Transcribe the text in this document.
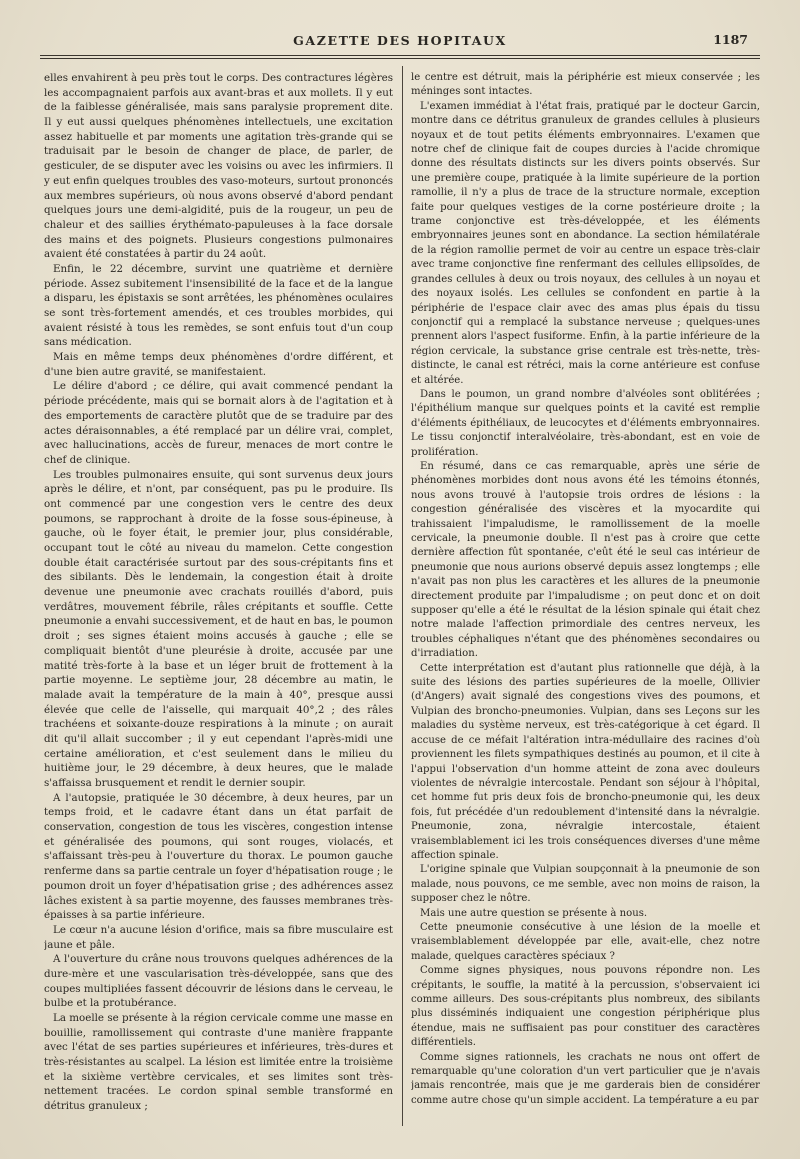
GAZETTE DES HOPITAUX	1187

elles envahirent à peu près tout le corps. Des contractures légères les accompagnaient parfois aux avant-bras et aux mollets. Il y eut de la faiblesse généralisée, mais sans paralysie proprement dite. Il y eut aussi quelques phénomènes intellectuels, une excitation assez habituelle et par moments une agitation très-grande qui se traduisait par le besoin de changer de place, de parler, de gesticuler, de se disputer avec les voisins ou avec les infirmiers. Il y eut enfin quelques troubles des vaso-moteurs, surtout prononcés aux membres supérieurs, où nous avons observé d'abord pendant quelques jours une demi-algidité, puis de la rougeur, un peu de chaleur et des saillies érythémato-papuleuses à la face dorsale des mains et des poignets. Plusieurs congestions pulmonaires avaient été constatées à partir du 24 août.

Enfin, le 22 décembre, survint une quatrième et dernière période. Assez subitement l'insensibilité de la face et de la langue a disparu, les épistaxis se sont arrêtées, les phénomènes oculaires se sont très-fortement amendés, et ces troubles morbides, qui avaient résisté à tous les remèdes, se sont enfuis tout d'un coup sans médication.

Mais en même temps deux phénomènes d'ordre différent, et d'une bien autre gravité, se manifestaient.

Le délire d'abord ; ce délire, qui avait commencé pendant la période précédente, mais qui se bornait alors à de l'agitation et à des emportements de caractère plutôt que de se traduire par des actes déraisonnables, a été remplacé par un délire vrai, complet, avec hallucinations, accès de fureur, menaces de mort contre le chef de clinique.

Les troubles pulmonaires ensuite, qui sont survenus deux jours après le délire, et n'ont, par conséquent, pas pu le produire. Ils ont commencé par une congestion vers le centre des deux poumons, se rapprochant à droite de la fosse sous-épineuse, à gauche, où le foyer était, le premier jour, plus considérable, occupant tout le côté au niveau du mamelon. Cette congestion double était caractérisée surtout par des sous-crépitants fins et des sibilants. Dès le lendemain, la congestion était à droite devenue une pneumonie avec crachats rouillés d'abord, puis verdâtres, mouvement fébrile, râles crépitants et souffle. Cette pneumonie a envahi successivement, et de haut en bas, le poumon droit ; ses signes étaient moins accusés à gauche ; elle se compliquait bientôt d'une pleurésie à droite, accusée par une matité très-forte à la base et un léger bruit de frottement à la partie moyenne. Le septième jour, 28 décembre au matin, le malade avait la température de la main à 40°, presque aussi élevée que celle de l'aisselle, qui marquait 40°,2 ; des râles trachéens et soixante-douze respirations à la minute ; on aurait dit qu'il allait succomber ; il y eut cependant l'après-midi une certaine amélioration, et c'est seulement dans le milieu du huitième jour, le 29 décembre, à deux heures, que le malade s'affaissa brusquement et rendit le dernier soupir.

A l'autopsie, pratiquée le 30 décembre, à deux heures, par un temps froid, et le cadavre étant dans un état parfait de conservation, congestion de tous les viscères, congestion intense et généralisée des poumons, qui sont rouges, violacés, et s'affaissant très-peu à l'ouverture du thorax. Le poumon gauche renferme dans sa partie centrale un foyer d'hépatisation rouge ; le poumon droit un foyer d'hépatisation grise ; des adhérences assez lâches existent à sa partie moyenne, des fausses membranes très-épaisses à sa partie inférieure.

Le cœur n'a aucune lésion d'orifice, mais sa fibre musculaire est jaune et pâle.

A l'ouverture du crâne nous trouvons quelques adhérences de la dure-mère et une vascularisation très-développée, sans que des coupes multipliées fassent découvrir de lésions dans le cerveau, le bulbe et la protubérance.

La moelle se présente à la région cervicale comme une masse en bouillie, ramollissement qui contraste d'une manière frappante avec l'état de ses parties supérieures et inférieures, très-dures et très-résistantes au scalpel. La lésion est limitée entre la troisième et la sixième vertèbre cervicales, et ses limites sont très-nettement tracées. Le cordon spinal semble transformé en détritus granuleux ;

le centre est détruit, mais la périphérie est mieux conservée ; les méninges sont intactes.

L'examen immédiat à l'état frais, pratiqué par le docteur Garcin, montre dans ce détritus granuleux de grandes cellules à plusieurs noyaux et de tout petits éléments embryonnaires. L'examen que notre chef de clinique fait de coupes durcies à l'acide chromique donne des résultats distincts sur les divers points observés. Sur une première coupe, pratiquée à la limite supérieure de la portion ramollie, il n'y a plus de trace de la structure normale, exception faite pour quelques vestiges de la corne postérieure droite ; la trame conjonctive est très-développée, et les éléments embryonnaires jeunes sont en abondance. La section hémilatérale de la région ramollie permet de voir au centre un espace très-clair avec trame conjonctive fine renfermant des cellules ellipsoïdes, de grandes cellules à deux ou trois noyaux, des cellules à un noyau et des noyaux isolés. Les cellules se confondent en partie à la périphérie de l'espace clair avec des amas plus épais du tissu conjonctif qui a remplacé la substance nerveuse ; quelques-unes prennent alors l'aspect fusiforme. Enfin, à la partie inférieure de la région cervicale, la substance grise centrale est très-nette, très-distincte, le canal est rétréci, mais la corne antérieure est confuse et altérée.

Dans le poumon, un grand nombre d'alvéoles sont oblitérées ; l'épithélium manque sur quelques points et la cavité est remplie d'éléments épithéliaux, de leucocytes et d'éléments embryonnaires. Le tissu conjonctif interalvéolaire, très-abondant, est en voie de prolifération.

En résumé, dans ce cas remarquable, après une série de phénomènes morbides dont nous avons été les témoins étonnés, nous avons trouvé à l'autopsie trois ordres de lésions : la congestion généralisée des viscères et la myocardite qui trahissaient l'impaludisme, le ramollissement de la moelle cervicale, la pneumonie double. Il n'est pas à croire que cette dernière affection fût spontanée, c'eût été le seul cas intérieur de pneumonie que nous aurions observé depuis assez longtemps ; elle n'avait pas non plus les caractères et les allures de la pneumonie directement produite par l'impaludisme ; on peut donc et on doit supposer qu'elle a été le résultat de la lésion spinale qui était chez notre malade l'affection primordiale des centres nerveux, les troubles céphaliques n'étant que des phénomènes secondaires ou d'irradiation.

Cette interprétation est d'autant plus rationnelle que déjà, à la suite des lésions des parties supérieures de la moelle, Ollivier (d'Angers) avait signalé des congestions vives des poumons, et Vulpian des broncho-pneumonies. Vulpian, dans ses Leçons sur les maladies du système nerveux, est très-catégorique à cet égard. Il accuse de ce méfait l'altération intra-médullaire des racines d'où proviennent les filets sympathiques destinés au poumon, et il cite à l'appui l'observation d'un homme atteint de zona avec douleurs violentes de névralgie intercostale. Pendant son séjour à l'hôpital, cet homme fut pris deux fois de broncho-pneumonie qui, les deux fois, fut précédée d'un redoublement d'intensité dans la névralgie. Pneumonie, zona, névralgie intercostale, étaient vraisemblablement ici les trois conséquences diverses d'une même affection spinale.

L'origine spinale que Vulpian soupçonnait à la pneumonie de son malade, nous pouvons, ce me semble, avec non moins de raison, la supposer chez le nôtre.

Mais une autre question se présente à nous.

Cette pneumonie consécutive à une lésion de la moelle et vraisemblablement développée par elle, avait-elle, chez notre malade, quelques caractères spéciaux ?

Comme signes physiques, nous pouvons répondre non. Les crépitants, le souffle, la matité à la percussion, s'observaient ici comme ailleurs. Des sous-crépitants plus nombreux, des sibilants plus disséminés indiquaient une congestion périphérique plus étendue, mais ne suffisaient pas pour constituer des caractères différentiels.

Comme signes rationnels, les crachats ne nous ont offert de remarquable qu'une coloration d'un vert particulier que je n'avais jamais rencontrée, mais que je me garderais bien de considérer comme autre chose qu'un simple accident. La température a eu par
